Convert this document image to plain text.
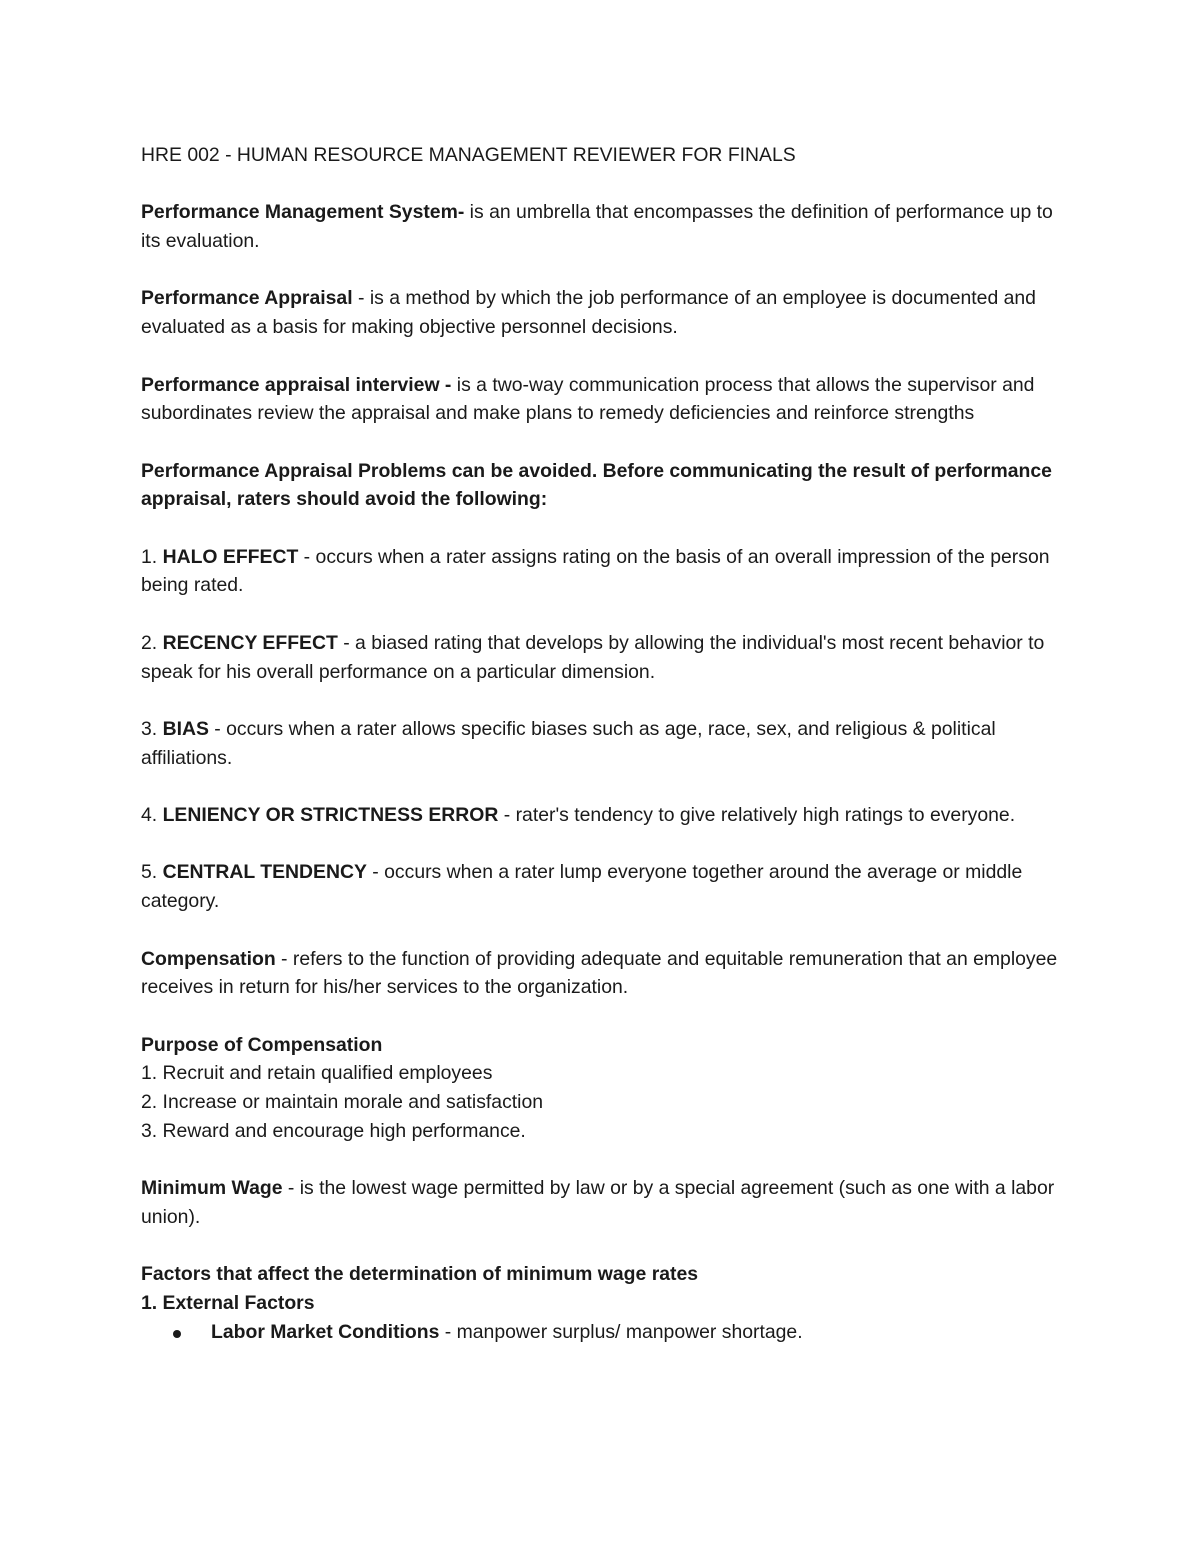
HRE 002 - HUMAN RESOURCE MANAGEMENT REVIEWER FOR FINALS

Performance Management System- is an umbrella that encompasses the definition of performance up to its evaluation.

Performance Appraisal - is a method by which the job performance of an employee is documented and evaluated as a basis for making objective personnel decisions.

Performance appraisal interview - is a two-way communication process that allows the supervisor and subordinates review the appraisal and make plans to remedy deficiencies and reinforce strengths

Performance Appraisal Problems can be avoided. Before communicating the result of performance appraisal, raters should avoid the following:

1. HALO EFFECT - occurs when a rater assigns rating on the basis of an overall impression of the person being rated.

2. RECENCY EFFECT - a biased rating that develops by allowing the individual's most recent behavior to speak for his overall performance on a particular dimension.

3. BIAS - occurs when a rater allows specific biases such as age, race, sex, and religious & political affiliations.

4. LENIENCY OR STRICTNESS ERROR - rater's tendency to give relatively high ratings to everyone.

5. CENTRAL TENDENCY - occurs when a rater lump everyone together around the average or middle category.

Compensation - refers to the function of providing adequate and equitable remuneration that an employee receives in return for his/her services to the organization.

Purpose of Compensation
1. Recruit and retain qualified employees
2. Increase or maintain morale and satisfaction
3. Reward and encourage high performance.

Minimum Wage - is the lowest wage permitted by law or by a special agreement (such as one with a labor union).

Factors that affect the determination of minimum wage rates
1. External Factors
Labor Market Conditions - manpower surplus/ manpower shortage.
